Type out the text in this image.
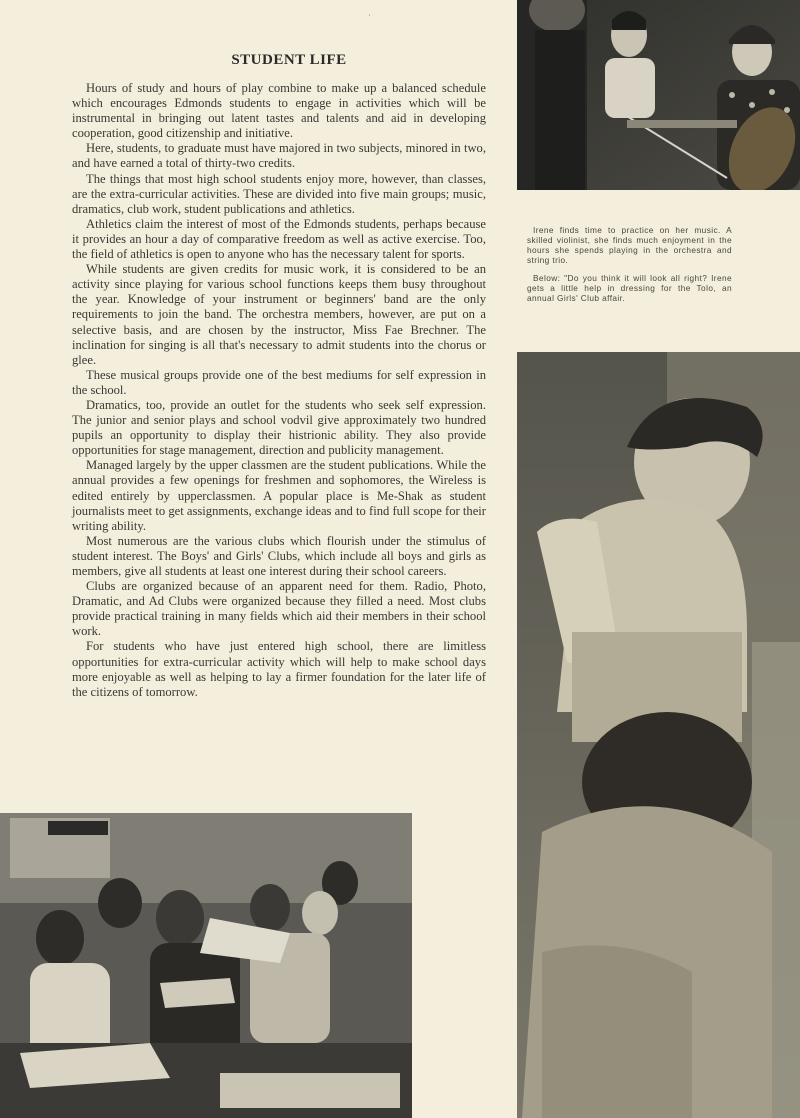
·
STUDENT LIFE

Hours of study and hours of play combine to make up a balanced schedule which encourages Edmonds students to engage in activities which will be instrumental in bringing out latent tastes and talents and aid in developing cooperation, good citizenship and initiative.

Here, students, to graduate must have majored in two subjects, minored in two, and have earned a total of thirty-two credits.

The things that most high school students enjoy more, however, than classes, are the extra-curricular activities. These are divided into five main groups; music, dramatics, club work, student publications and athletics.

Athletics claim the interest of most of the Edmonds students, perhaps because it provides an hour a day of comparative freedom as well as active exercise. Too, the field of athletics is open to anyone who has the necessary talent for sports.

While students are given credits for music work, it is considered to be an activity since playing for various school functions keeps them busy throughout the year. Knowledge of your instrument or beginners' band are the only requirements to join the band. The orchestra members, however, are put on a selective basis, and are chosen by the instructor, Miss Fae Brechner. The inclination for singing is all that's necessary to admit students into the chorus or glee.

These musical groups provide one of the best mediums for self expression in the school.

Dramatics, too, provide an outlet for the students who seek self expression. The junior and senior plays and school vodvil give approximately two hundred pupils an opportunity to display their histrionic ability. They also provide opportunities for stage management, direction and publicity management.

Managed largely by the upper classmen are the student publications. While the annual provides a few openings for freshmen and sophomores, the Wireless is edited entirely by upperclassmen. A popular place is Me-Shak as student journalists meet to get assignments, exchange ideas and to find full scope for their writing ability.

Most numerous are the various clubs which flourish under the stimulus of student interest. The Boys' and Girls' Clubs, which include all boys and girls as members, give all students at least one interest during their school careers.

Clubs are organized because of an apparent need for them. Radio, Photo, Dramatic, and Ad Clubs were organized because they filled a need. Most clubs provide practical training in many fields which aid their members in their school work.

For students who have just entered high school, there are limitless opportunities for extra-curricular activity which will help to make school days more enjoyable as well as helping to lay a firmer foundation for the later life of the citizens of tomorrow.

Irene finds time to practice on her music. A skilled violinist, she finds much enjoyment in the hours she spends playing in the orchestra and string trio.

Below: "Do you think it will look all right? Irene gets a little help in dressing for the Tolo, an annual Girls' Club affair.
